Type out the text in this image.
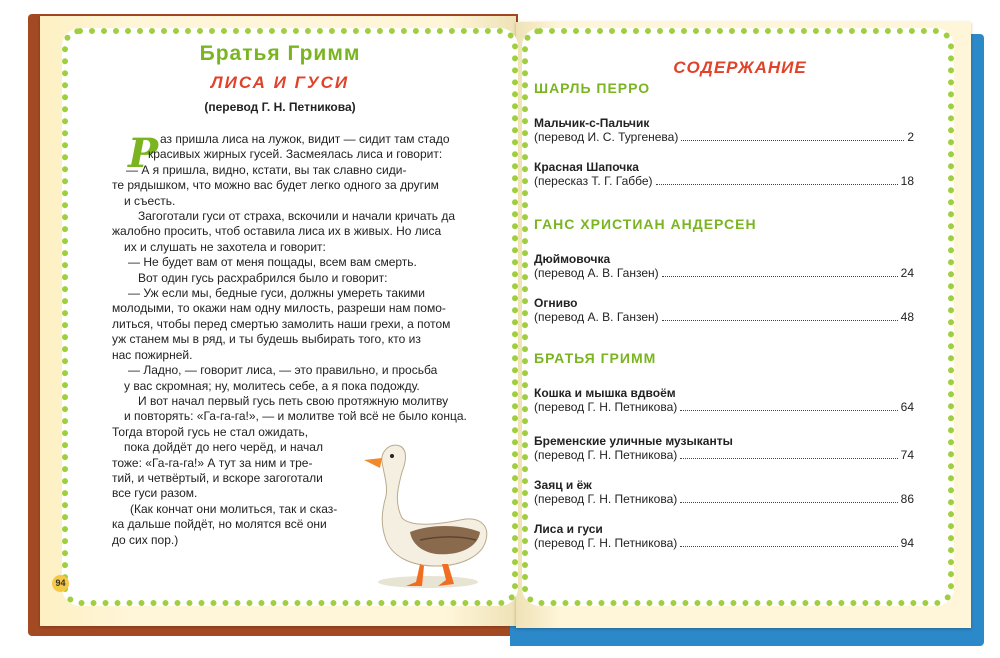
Братья Гримм
ЛИСА И ГУСИ
(перевод Г. Н. Петникова)
Р аз пришла лиса на лужок, видит — сидит там стадо
красивых жирных гусей. Засмеялась лиса и говорит:
— А я пришла, видно, кстати, вы так славно сиди-
те рядышком, что можно вас будет легко одного за другим
и съесть.
Загоготали гуси от страха, вскочили и начали кричать да
жалобно просить, чтоб оставила лиса их в живых. Но лиса
их и слушать не захотела и говорит:
— Не будет вам от меня пощады, всем вам смерть.
Вот один гусь расхрабрился было и говорит:
— Уж если мы, бедные гуси, должны умереть такими
молодыми, то окажи нам одну милость, разреши нам помо-
литься, чтобы перед смертью замолить наши грехи, а потом
уж станем мы в ряд, и ты будешь выбирать того, кто из
нас пожирней.
— Ладно, — говорит лиса, — это правильно, и просьба
у вас скромная; ну, молитесь себе, а я пока подожду.
И вот начал первый гусь петь свою протяжную молитву
и повторять: «Га-га-га!», — и молитве той всё не было конца.
Тогда второй гусь не стал ожидать,
пока дойдёт до него черёд, и начал
тоже: «Га-га-га!» А тут за ним и тре-
тий, и четвёртый, и вскоре загоготали
все гуси разом.
(Как кончат они молиться, так и сказ-
ка дальше пойдёт, но молятся всё они
до сих пор.)
94
СОДЕРЖАНИЕ
ШАРЛЬ ПЕРРО
Мальчик-с-Пальчик
(перевод И. С. Тургенева)	2
Красная Шапочка
(пересказ Т. Г. Габбе)	18
ГАНС ХРИСТИАН АНДЕРСЕН
Дюймовочка
(перевод А. В. Ганзен)	24
Огниво
(перевод А. В. Ганзен)	48
БРАТЬЯ ГРИММ
Кошка и мышка вдвоём
(перевод Г. Н. Петникова)	64
Бременские уличные музыканты
(перевод Г. Н. Петникова)	74
Заяц и ёж
(перевод Г. Н. Петникова)	86
Лиса и гуси
(перевод Г. Н. Петникова)	94
